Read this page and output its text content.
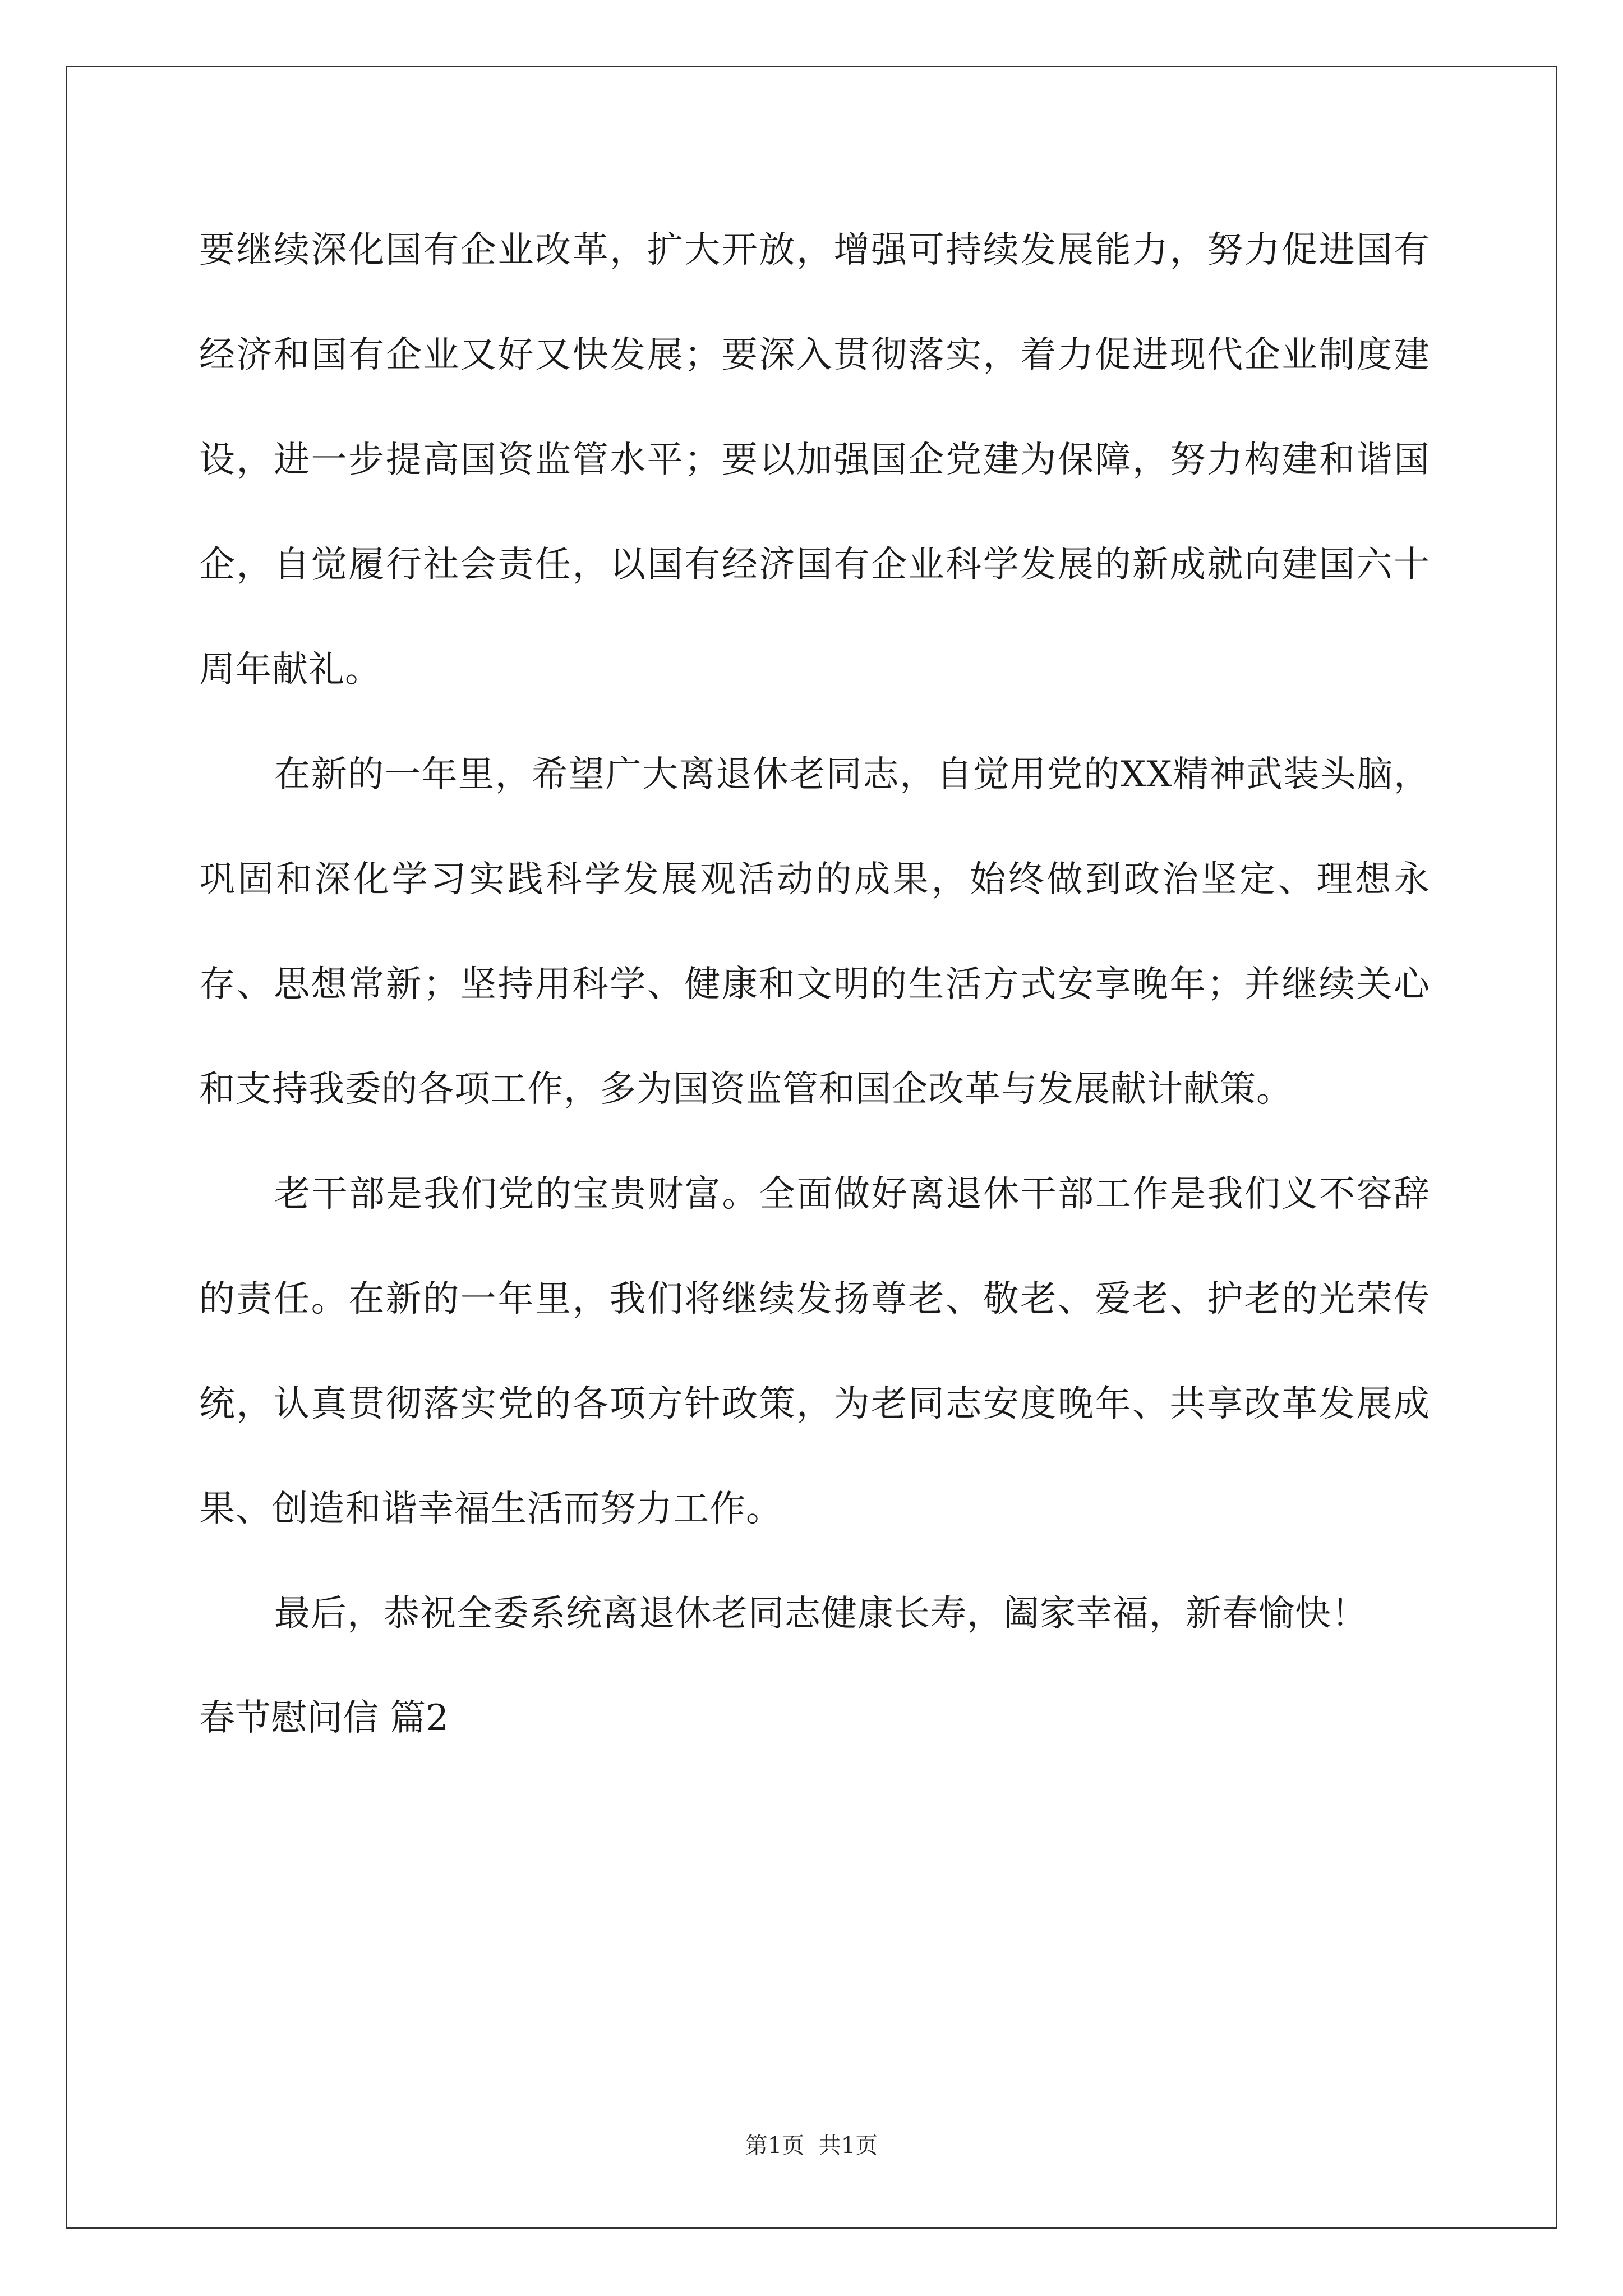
要继续深化国有企业改革，扩大开放，增强可持续发展能力，努力促进国有经济和国有企业又好又快发展；要深入贯彻落实，着力促进现代企业制度建设，进一步提高国资监管水平；要以加强国企党建为保障，努力构建和谐国企，自觉履行社会责任，以国有经济国有企业科学发展的新成就向建国六十周年献礼。

在新的一年里，希望广大离退休老同志，自觉用党的XX精神武装头脑，巩固和深化学习实践科学发展观活动的成果，始终做到政治坚定、理想永存、思想常新；坚持用科学、健康和文明的生活方式安享晚年；并继续关心和支持我委的各项工作，多为国资监管和国企改革与发展献计献策。

老干部是我们党的宝贵财富。全面做好离退休干部工作是我们义不容辞的责任。在新的一年里，我们将继续发扬尊老、敬老、爱老、护老的光荣传统，认真贯彻落实党的各项方针政策，为老同志安度晚年、共享改革发展成果、创造和谐幸福生活而努力工作。

最后，恭祝全委系统离退休老同志健康长寿，阖家幸福，新春愉快！

春节慰问信 篇2

第1页  共1页
